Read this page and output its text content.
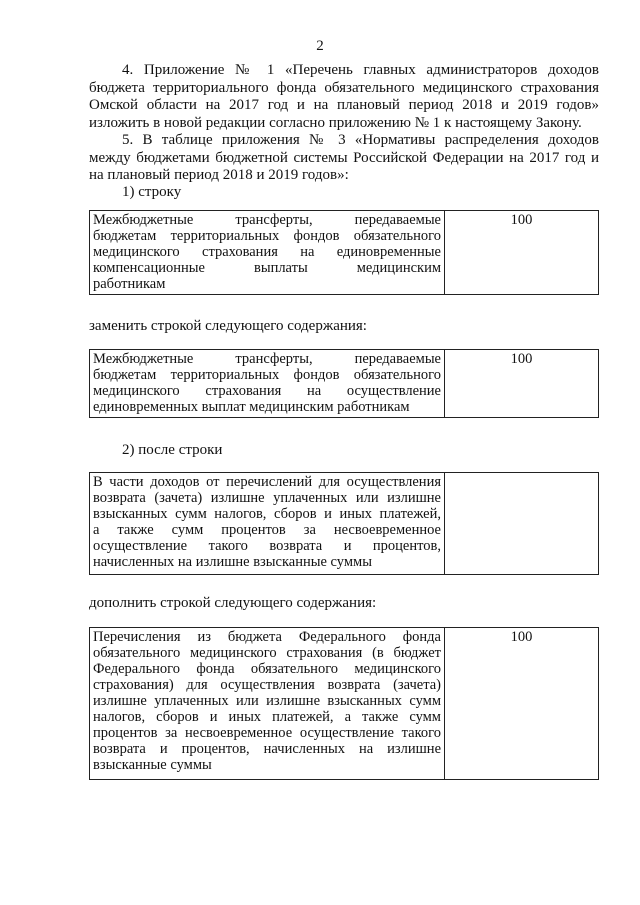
2
4. Приложение № 1 «Перечень главных администраторов доходов
бюджета территориального фонда обязательного медицинского страхования
Омской области на 2017 год и на плановый период 2018 и 2019 годов»
изложить в новой редакции согласно приложению № 1 к настоящему Закону.
5. В таблице приложения № 3 «Нормативы распределения доходов
между бюджетами бюджетной системы Российской Федерации на 2017 год и
на плановый период 2018 и 2019 годов»:
1) строку
Межбюджетные трансферты, передаваемые
бюджетам территориальных фондов обязательного
медицинского страхования на единовременные
компенсационные выплаты медицинским
работникам
	100
заменить строкой следующего содержания:
Межбюджетные трансферты, передаваемые
бюджетам территориальных фондов обязательного
медицинского страхования на осуществление
единовременных выплат медицинским работникам
	100
2) после строки
В части доходов от перечислений для осуществления
возврата (зачета) излишне уплаченных или излишне
взысканных сумм налогов, сборов и иных платежей,
а также сумм процентов за несвоевременное
осуществление такого возврата и процентов,
начисленных на излишне взысканные суммы

дополнить строкой следующего содержания:
Перечисления из бюджета Федерального фонда
обязательного медицинского страхования (в бюджет
Федерального фонда обязательного медицинского
страхования) для осуществления возврата (зачета)
излишне уплаченных или излишне взысканных сумм
налогов, сборов и иных платежей, а также сумм
процентов за несвоевременное осуществление такого
возврата и процентов, начисленных на излишне
взысканные суммы
	100
